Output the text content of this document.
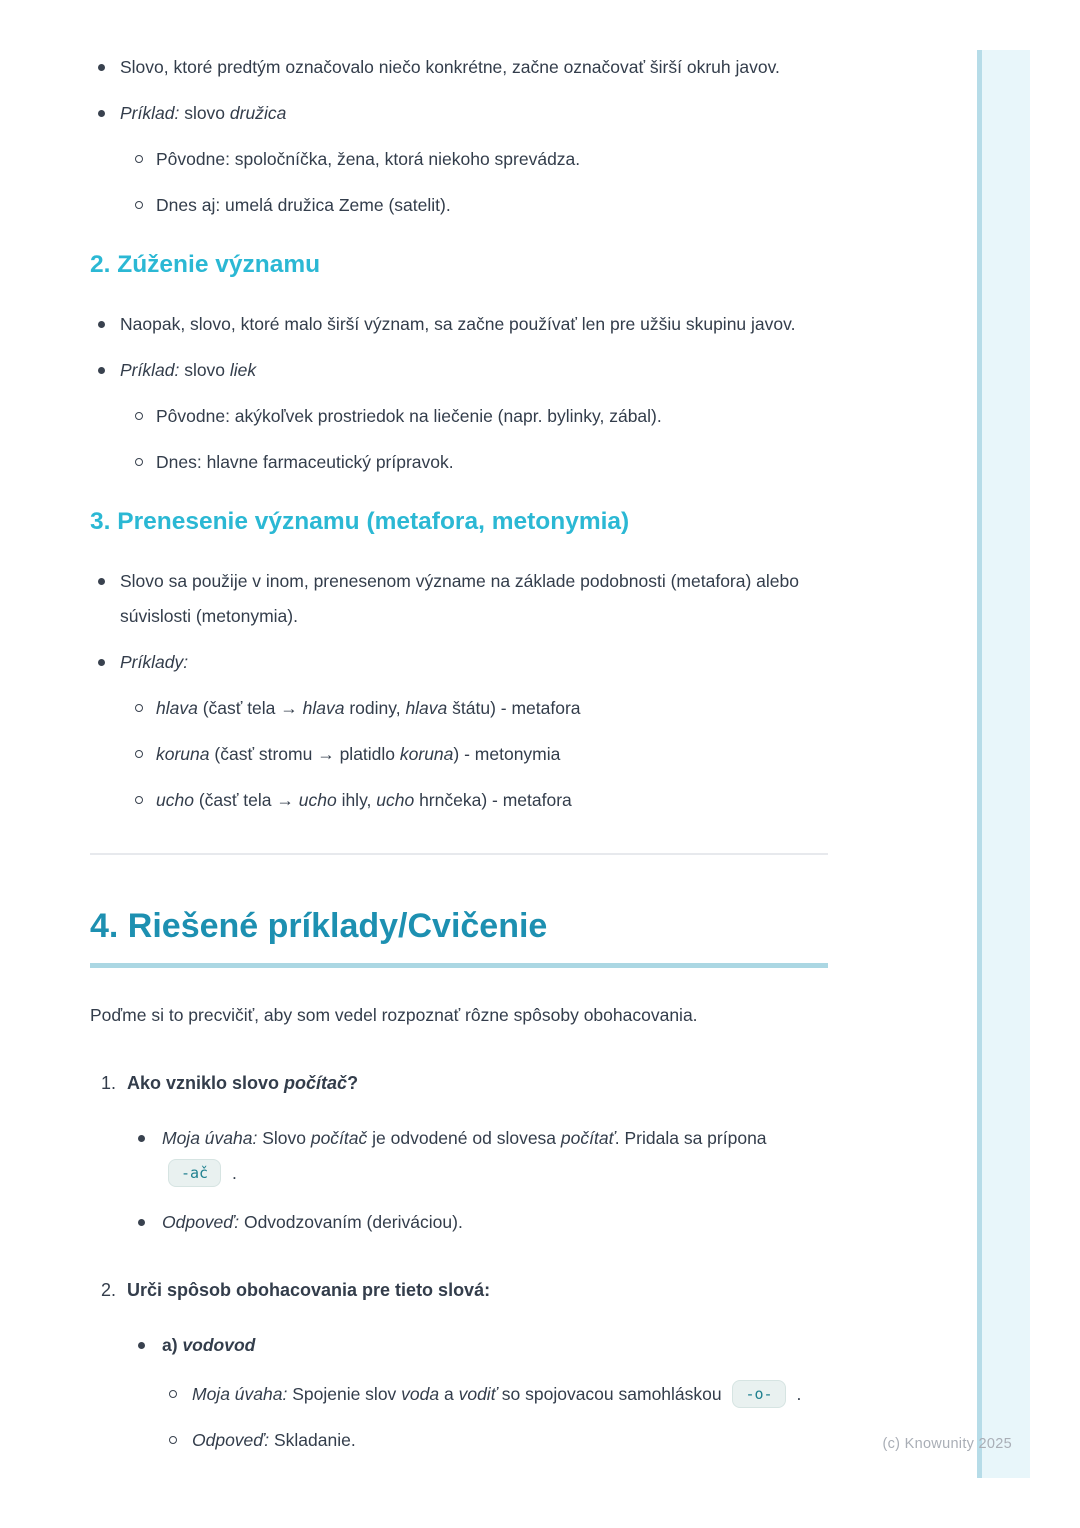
Slovo, ktoré predtým označovalo niečo konkrétne, začne označovať širší okruh javov.
Príklad: slovo družica
Pôvodne: spoločníčka, žena, ktorá niekoho sprevádza.
Dnes aj: umelá družica Zeme (satelit).
2. Zúženie významu
Naopak, slovo, ktoré malo širší význam, sa začne používať len pre užšiu skupinu javov.
Príklad: slovo liek
Pôvodne: akýkoľvek prostriedok na liečenie (napr. bylinky, zábal).
Dnes: hlavne farmaceutický prípravok.
3. Prenesenie významu (metafora, metonymia)
Slovo sa použije v inom, prenesenom význame na základe podobnosti (metafora) alebo súvislosti (metonymia).
Príklady:
hlava (časť tela → hlava rodiny, hlava štátu) - metafora
koruna (časť stromu → platidlo koruna) - metonymia
ucho (časť tela → ucho ihly, ucho hrnčeka) - metafora
4. Riešené príklady/Cvičenie

Poďme si to precvičiť, aby som vedel rozpoznať rôzne spôsoby obohacovania.

1. Ako vzniklo slovo počítač?
Moja úvaha: Slovo počítač je odvodené od slovesa počítať. Pridala sa prípona -ač .
Odpoveď: Odvodzovaním (deriváciou).
2. Urči spôsob obohacovania pre tieto slová:
a) vodovod
Moja úvaha: Spojenie slov voda a vodiť so spojovacou samohláskou -o- .
Odpoveď: Skladanie.	(c) Knowunity 2025
